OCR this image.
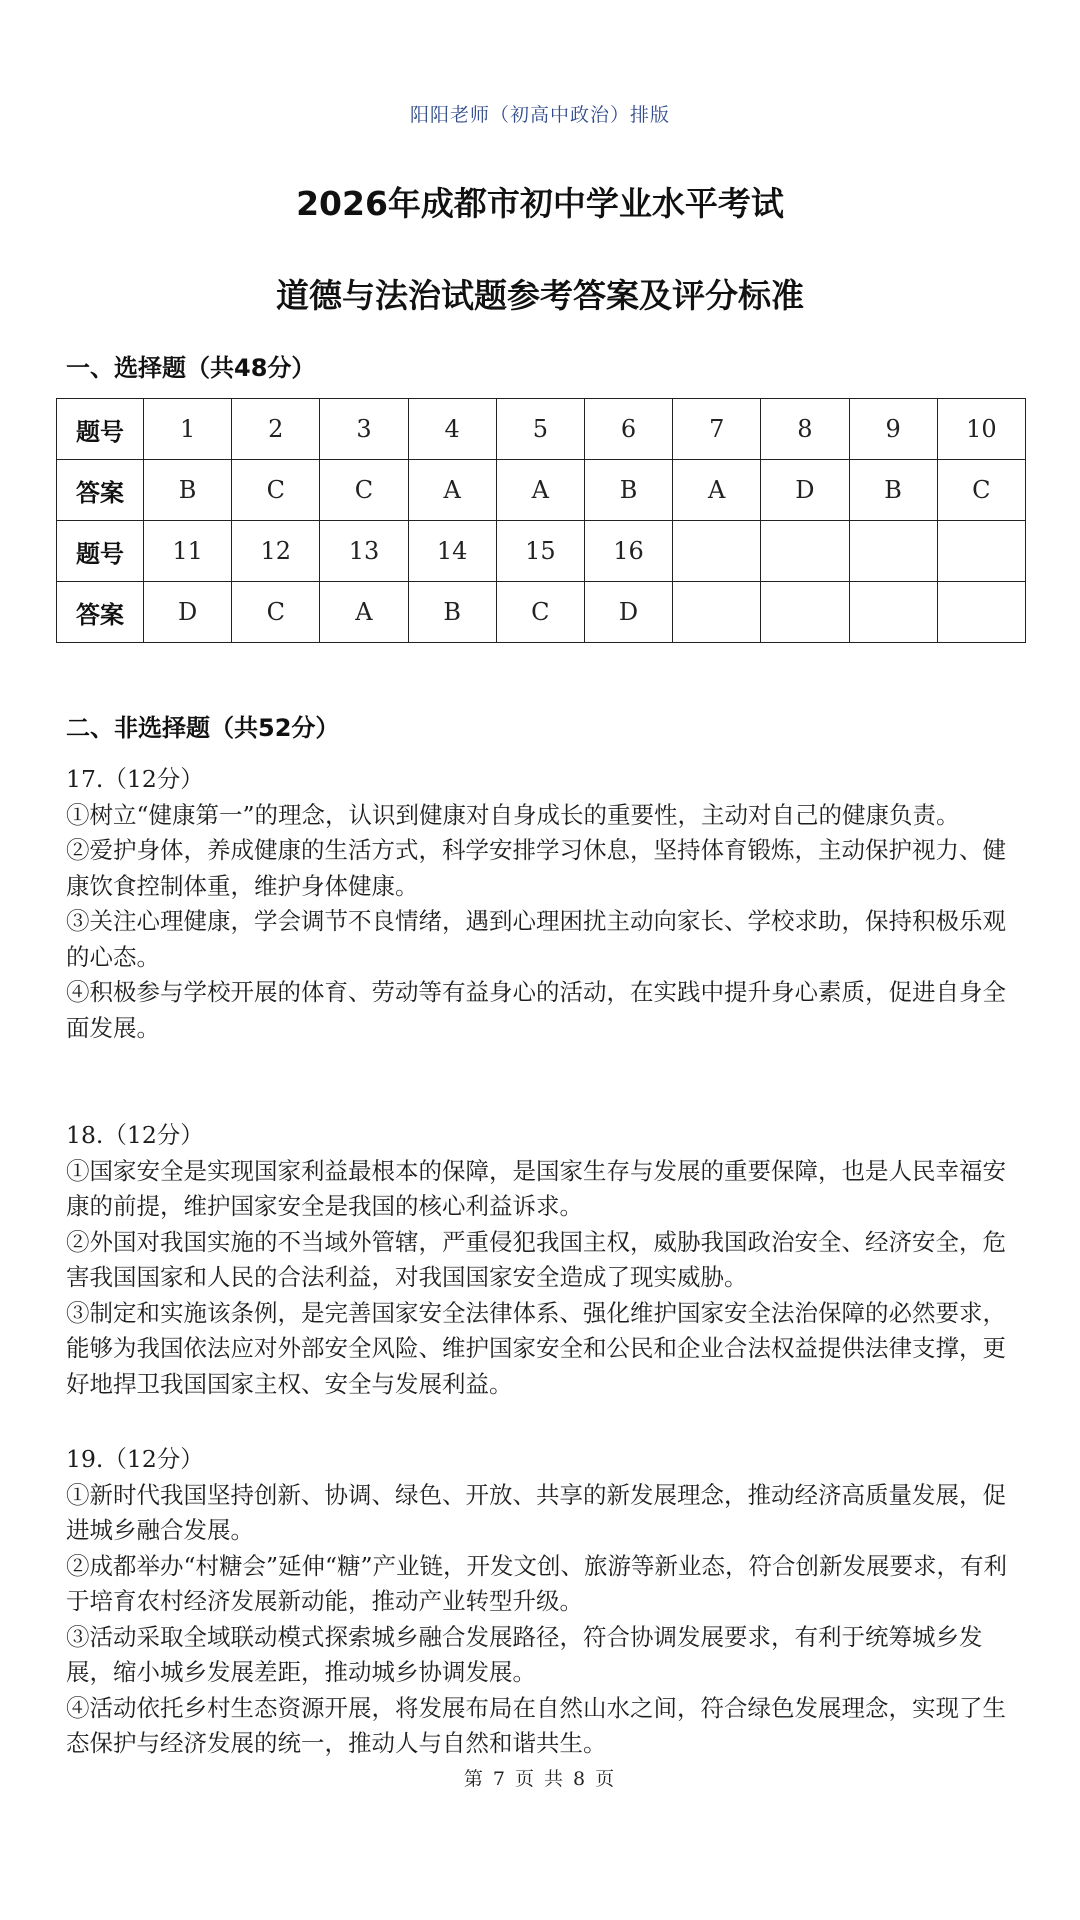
阳阳老师（初高中政治）排版
2026年成都市初中学业水平考试
道德与法治试题参考答案及评分标准
一、选择题（共48分）
题号	1	2	3	4	5	6	7	8	9	10
答案	B	C	C	A	A	B	A	D	B	C
题号	11	12	13	14	15	16				
答案	D	C	A	B	C	D				
二、非选择题（共52分）

17.（12分）

①树立“健康第一”的理念，认识到健康对自身成长的重要性，主动对自己的健康负责。

②爱护身体，养成健康的生活方式，科学安排学习休息，坚持体育锻炼，主动保护视力、健康饮食控制体重，维护身体健康。

③关注心理健康，学会调节不良情绪，遇到心理困扰主动向家长、学校求助，保持积极乐观的心态。

④积极参与学校开展的体育、劳动等有益身心的活动，在实践中提升身心素质，促进自身全面发展。

18.（12分）

①国家安全是实现国家利益最根本的保障，是国家生存与发展的重要保障，也是人民幸福安康的前提，维护国家安全是我国的核心利益诉求。

②外国对我国实施的不当域外管辖，严重侵犯我国主权，威胁我国政治安全、经济安全，危害我国国家和人民的合法利益，对我国国家安全造成了现实威胁。

③制定和实施该条例，是完善国家安全法律体系、强化维护国家安全法治保障的必然要求，能够为我国依法应对外部安全风险、维护国家安全和公民和企业合法权益提供法律支撑，更好地捍卫我国国家主权、安全与发展利益。

19.（12分）

①新时代我国坚持创新、协调、绿色、开放、共享的新发展理念，推动经济高质量发展，促进城乡融合发展。

②成都举办“村糖会”延伸“糖”产业链，开发文创、旅游等新业态，符合创新发展要求，有利于培育农村经济发展新动能，推动产业转型升级。

③活动采取全域联动模式探索城乡融合发展路径，符合协调发展要求，有利于统筹城乡发展，缩小城乡发展差距，推动城乡协调发展。

④活动依托乡村生态资源开展，将发展布局在自然山水之间，符合绿色发展理念，实现了生态保护与经济发展的统一，推动人与自然和谐共生。

第 7 页 共 8 页
